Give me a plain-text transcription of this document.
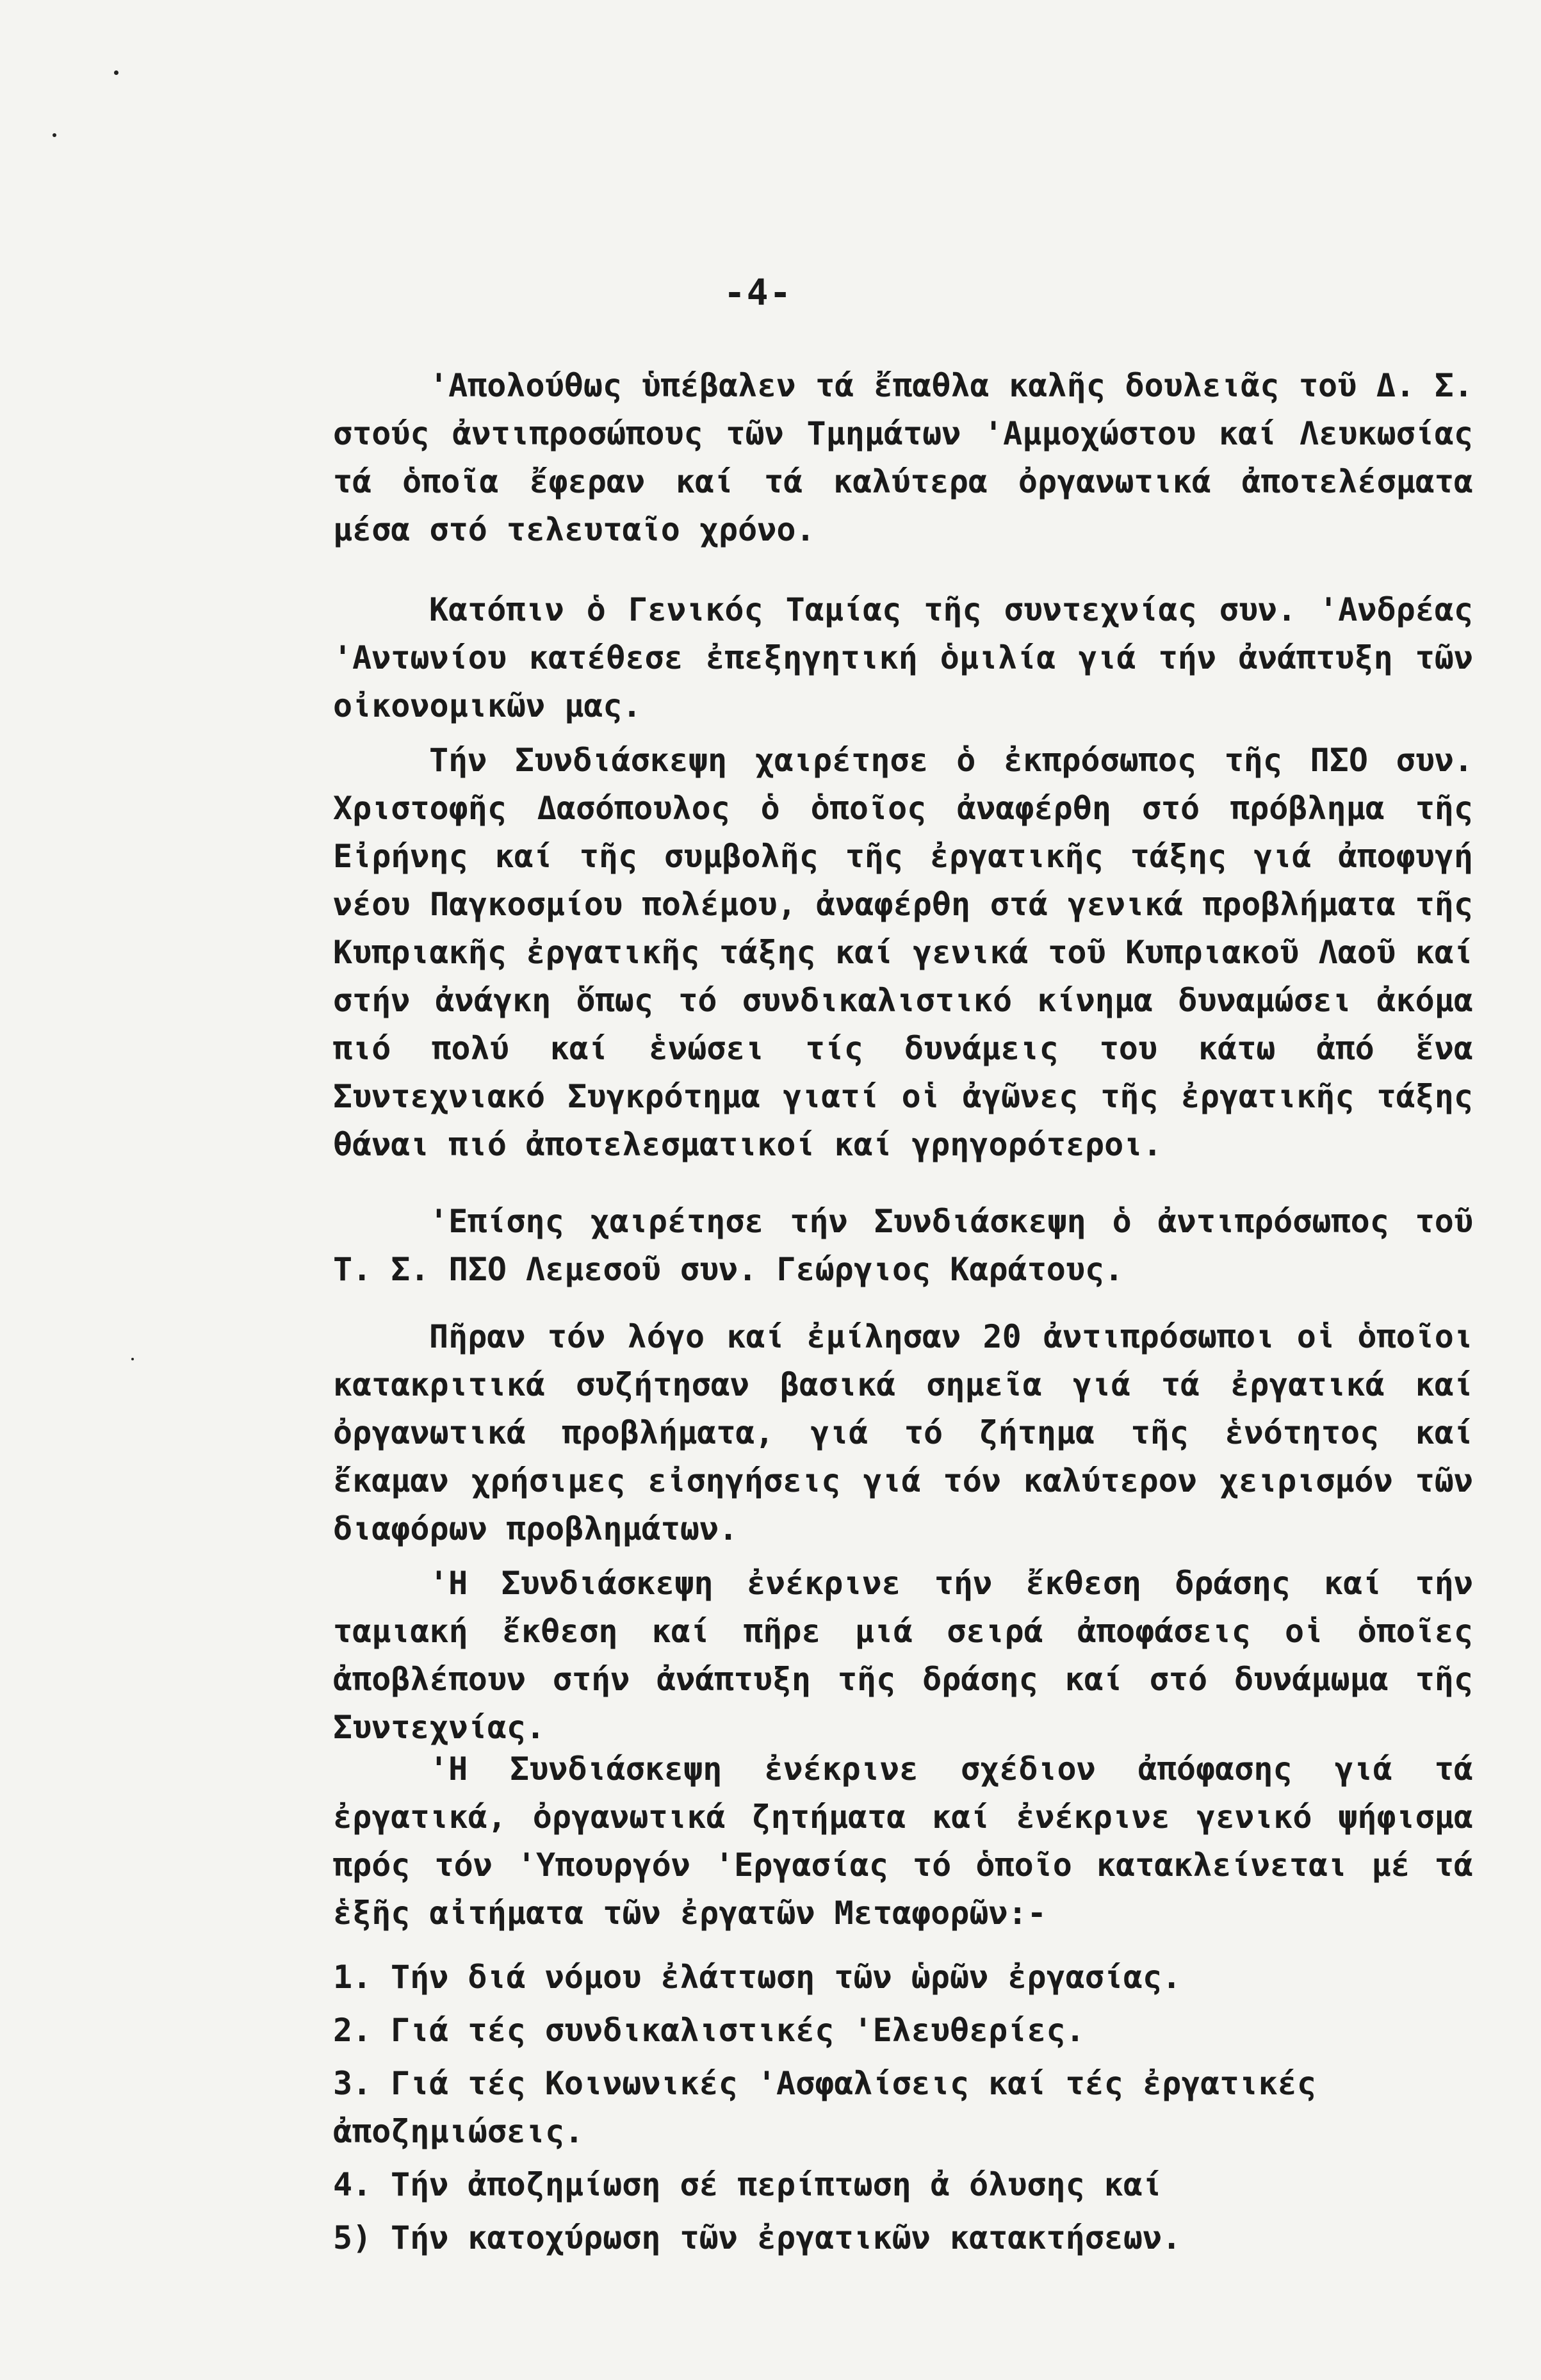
-4-

'Απολούθως ὑπέβαλεν τά ἔπαθλα καλῆς δουλειᾶς τοῦ Δ. Σ. στούς ἀντιπροσώπους τῶν Τμημάτων 'Αμμοχώστου καί Λευκωσίας τά ὁποῖα ἔφεραν καί τά καλύτερα ὀργανωτικά ἀποτελέσματα μέσα στό τελευταῖο χρόνο.

Κατόπιν ὁ Γενικός Ταμίας τῆς συντεχνίας συν. 'Ανδρέας 'Αντωνίου κατέθεσε ἐπεξηγητική ὁμιλία γιά τήν ἀνάπτυξη τῶν οἰκονομικῶν μας.

Τήν Συνδιάσκεψη χαιρέτησε ὁ ἐκπρόσωπος τῆς ΠΣΟ συν. Χριστοφῆς Δασόπουλος ὁ ὁποῖος ἀναφέρθη στό πρόβλημα τῆς Εἰρήνης καί τῆς συμβολῆς τῆς ἐργατικῆς τάξης γιά ἀποφυγή νέου Παγκοσμίου πολέμου, ἀναφέρθη στά γενικά προβλήματα τῆς Κυπριακῆς ἐργατικῆς τάξης καί γενικά τοῦ Κυπριακοῦ Λαοῦ καί στήν ἀνάγκη ὅπως τό συνδικαλιστικό κίνημα δυναμώσει ἀκόμα πιό πολύ καί ἑνώσει τίς δυνάμεις του κάτω ἀπό ἕνα Συντεχνιακό Συγκρότημα γιατί οἱ ἀγῶνες τῆς ἐργατικῆς τάξης θάναι πιό ἀποτελεσματικοί καί γρηγορότεροι.

'Επίσης χαιρέτησε τήν Συνδιάσκεψη ὁ ἀντιπρόσωπος τοῦ Τ. Σ. ΠΣΟ Λεμεσοῦ συν. Γεώργιος Καράτους.

Πῆραν τόν λόγο καί ἐμίλησαν 20 ἀντιπρόσωποι οἱ ὁποῖοι κατακριτικά συζήτησαν βασικά σημεῖα γιά τά ἐργατικά καί ὀργανωτικά προβλήματα, γιά τό ζήτημα τῆς ἑνότητος καί ἔκαμαν χρήσιμες εἰσηγήσεις γιά τόν καλύτερον χειρισμόν τῶν διαφόρων προβλημάτων.

'Η Συνδιάσκεψη ἐνέκρινε τήν ἔκθεση δράσης καί τήν ταμιακή ἔκθεση καί πῆρε μιά σειρά ἀποφάσεις οἱ ὁποῖες ἀποβλέπουν στήν ἀνάπτυξη τῆς δράσης καί στό δυνάμωμα τῆς Συντεχνίας.

'Η Συνδιάσκεψη ἐνέκρινε σχέδιον ἀπόφασης γιά τά ἐργατικά, ὀργανωτικά ζητήματα καί ἐνέκρινε γενικό ψήφισμα πρός τόν 'Υπουργόν 'Εργασίας τό ὁποῖο κατακλείνεται μέ τά ἑξῆς αἰτήματα τῶν ἐργατῶν Μεταφορῶν:-

1. Τήν διά νόμου ἐλάττωση τῶν ὡρῶν ἐργασίας.
2. Γιά τές συνδικαλιστικές 'Ελευθερίες.
3. Γιά τές Κοινωνικές 'Ασφαλίσεις καί τές ἐργατικές ἀποζημιώσεις.
4. Τήν ἀποζημίωση σέ περίπτωση ἀ όλυσης καί
5) Τήν κατοχύρωση τῶν ἐργατικῶν κατακτήσεων.
